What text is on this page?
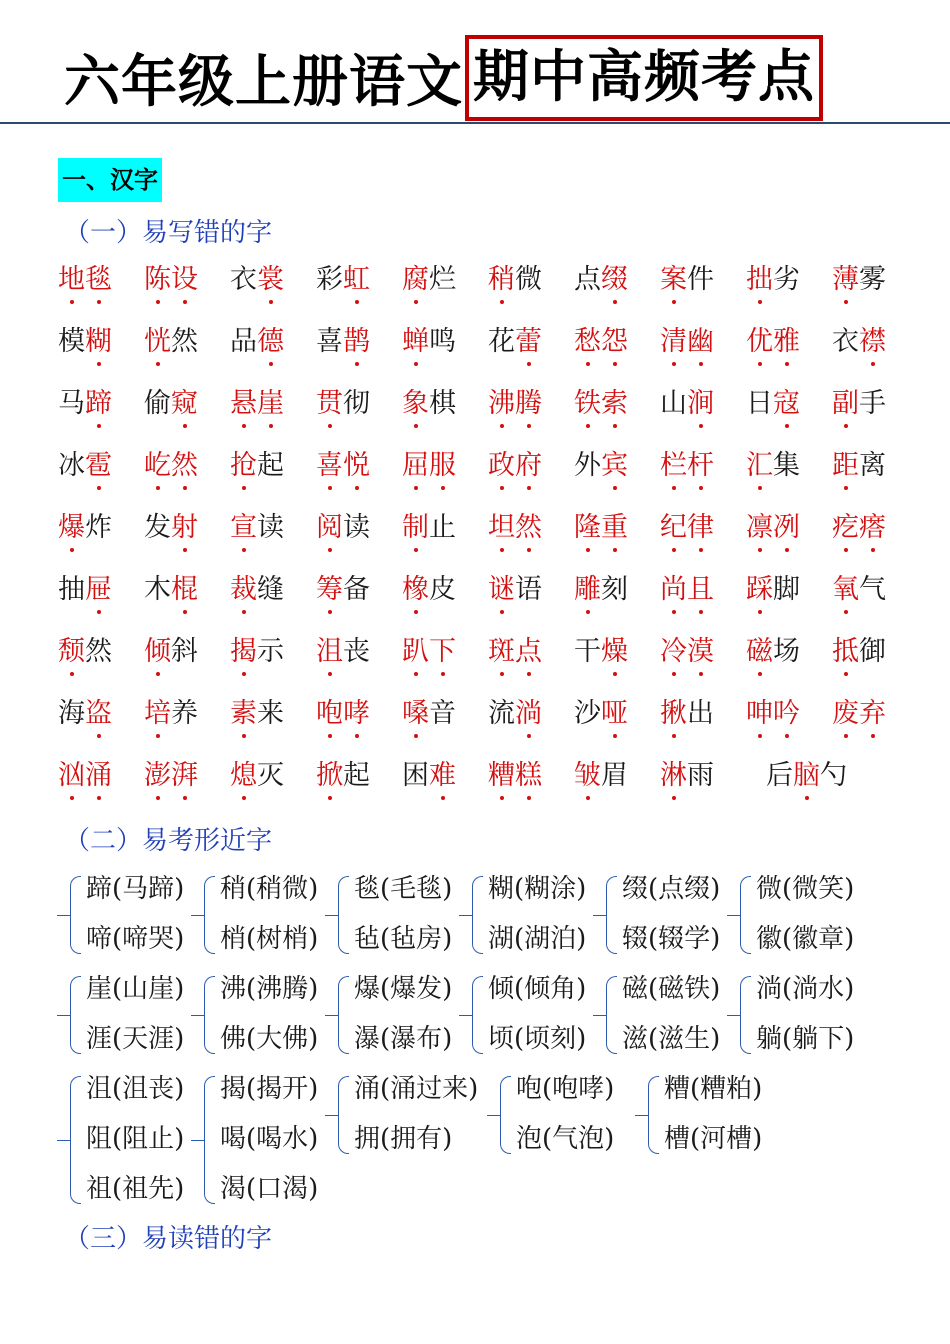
六年级上册语文 期中高频考点
一、汉字
（一）易写错的字
地毯 陈设 衣裳 彩虹 腐烂 稍微 点缀 案件 拙劣 薄雾
模糊 恍然 品德 喜鹊 蝉鸣 花蕾 愁怨 清幽 优雅 衣襟
马蹄 偷窥 悬崖 贯彻 象棋 沸腾 铁索 山涧 日寇 副手
冰雹 屹然 抢起 喜悦 屈服 政府 外宾 栏杆 汇集 距离
爆炸 发射 宣读 阅读 制止 坦然 隆重 纪律 凛冽 疙瘩
抽屉 木棍 裁缝 筹备 橡皮 谜语 雕刻 尚且 踩脚 氧气
颓然 倾斜 揭示 沮丧 趴下 斑点 干燥 冷漠 磁场 抵御
海盗 培养 素来 咆哮 嗓音 流淌 沙哑 揪出 呻吟 废弃
汹涌 澎湃 熄灭 掀起 困难 糟糕 皱眉 淋雨 后脑勺
（二）易考形近字
蹄(马蹄)
啼(啼哭)
稍(稍微)
梢(树梢)
毯(毛毯)
毡(毡房)
糊(糊涂)
湖(湖泊)
缀(点缀)
辍(辍学)
微(微笑)
徽(徽章)
崖(山崖)
涯(天涯)
沸(沸腾)
佛(大佛)
爆(爆发)
瀑(瀑布)
倾(倾角)
顷(顷刻)
磁(磁铁)
滋(滋生)
淌(淌水)
躺(躺下)
沮(沮丧)
阻(阻止)
祖(祖先)
揭(揭开)
喝(喝水)
渴(口渴)
涌(涌过来)
拥(拥有)
咆(咆哮)
泡(气泡)
糟(糟粕)
槽(河槽)
（三）易读错的字
